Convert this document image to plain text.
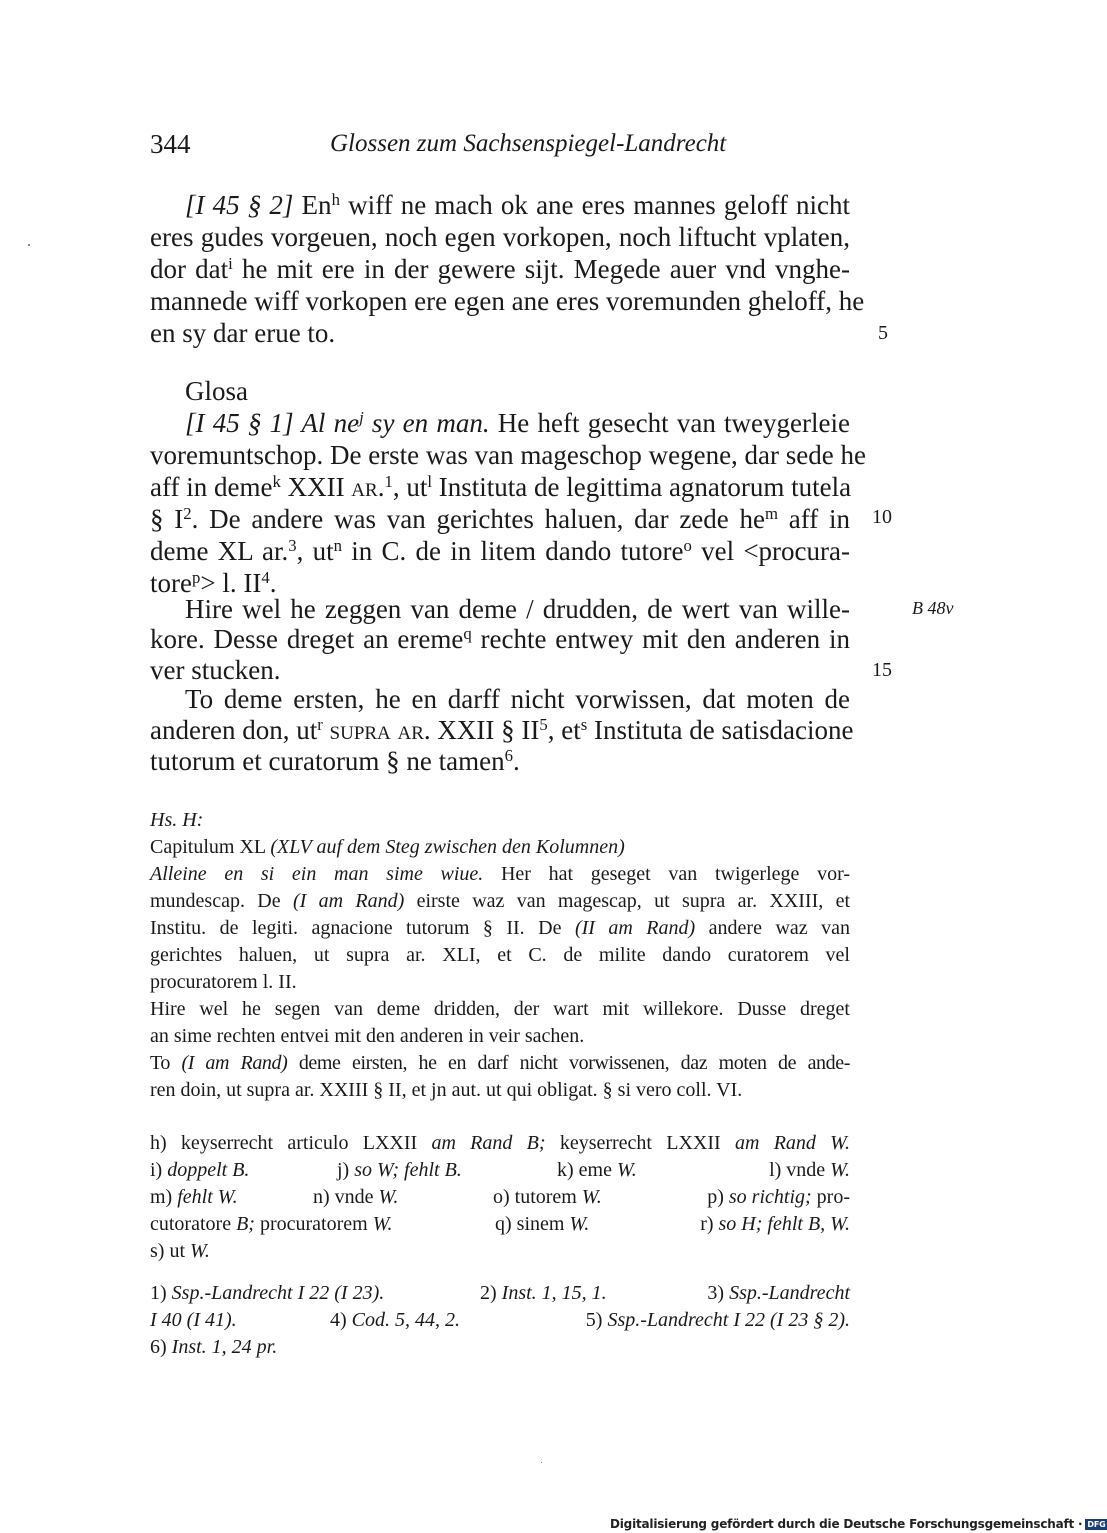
344	Glossen zum Sachsenspiegel-Landrecht
[I 45 § 2] En$^h$ wiff ne mach ok ane eres mannes geloff nicht
eres gudes vorgeuen, noch egen vorkopen, noch liftucht vplaten,
dor dat$^i$ he mit ere in der gewere sijt. Megede auer vnd vnghe-
mannede wiff vorkopen ere egen ane eres voremunden gheloff, he
en sy dar erue to.	5
Glosa
[I 45 § 1] Al $ne^j$ sy en man. He heft gesecht van tweygerleie
voremuntschop. De erste was van mageschop wegene, dar sede he
aff in deme$^k$ XXII ar.$^1$, $ut^l$ Instituta de legittima agnatorum tutela
§ $I^2$. De andere was van gerichtes haluen, dar zede $he^m$ aff in 10
deme XL ar.$^3$, $ut^n$ in C. de in litem dando tutore$^o$ vel <procura-
tore$^p$> l. $II^4$.
Hire wel he zeggen van deme / drudden, de wert van wille-	B 48v
kore. Desse dreget an ereme$^q$ rechte entwey mit den anderen in
ver stucken.	15
To deme ersten, he en darff nicht vorwissen, dat moten de
anderen don, $ut^r$ supra ar. XXII § $II^5$, $et^s$ Instituta de satisdacione
tutorum et curatorum § ne tamen$^6$.
Hs. H:
Capitulum XL (XLV auf dem Steg zwischen den Kolumnen)
Alleine en si ein man sime wiue. Her hat geseget van twigerlege vor-
mundescap. De (I am Rand) eirste waz van magescap, ut supra ar. XXIII, et
Institu. de legiti. agnacione tutorum § II. De (II am Rand) andere waz van
gerichtes haluen, ut supra ar. XLI, et C. de milite dando curatorem vel
procuratorem l. II.
Hire wel he segen van deme dridden, der wart mit willekore. Dusse dreget
an sime rechten entvei mit den anderen in veir sachen.
To (I am Rand) deme eirsten, he en darf nicht vorwissenen, daz moten de ande-
ren doin, ut supra ar. XXIII § II, et jn aut. ut qui obligat. § si vero coll. VI.
h) keyserrecht articulo LXXII am Rand B; keyserrecht LXXII am Rand W.
i) doppelt B.	j) so W; fehlt B.	k) eme W.	l) vnde W.
m) fehlt W.	n) vnde W.	o) tutorem W.	p) so richtig; pro-
cutoratore B; procuratorem W.	q) sinem W.	r) so H; fehlt B, W.
s) ut W.
1) Ssp.-Landrecht I 22 (I 23).	2) Inst. 1, 15, 1.	3) Ssp.-Landrecht
I 40 (I 41).	4) Cod. 5, 44, 2.	5) Ssp.-Landrecht I 22 (I 23 § 2).
6) Inst. 1, 24 pr.
Digitalisierung gefördert durch die Deutsche Forschungsgemeinschaft · DFG
